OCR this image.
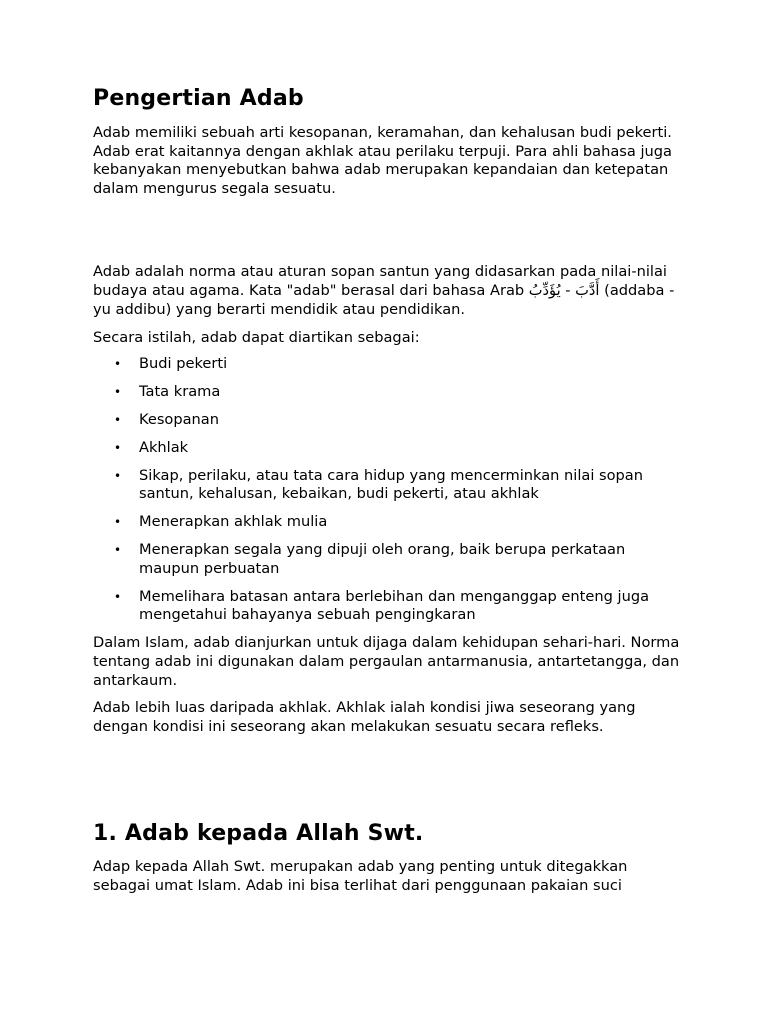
Pengertian Adab

Adab memiliki sebuah arti kesopanan, keramahan, dan kehalusan budi pekerti. Adab erat kaitannya dengan akhlak atau perilaku terpuji. Para ahli bahasa juga kebanyakan menyebutkan bahwa adab merupakan kepandaian dan ketepatan dalam mengurus segala sesuatu.

Adab adalah norma atau aturan sopan santun yang didasarkan pada nilai-nilai budaya atau agama. Kata "adab" berasal dari bahasa Arab أَدَّبَ - يُؤَدِّبُ (addaba - yu addibu) yang berarti mendidik atau pendidikan.

Secara istilah, adab dapat diartikan sebagai:

• Budi pekerti
• Tata krama
• Kesopanan
• Akhlak
• Sikap, perilaku, atau tata cara hidup yang mencerminkan nilai sopan santun, kehalusan, kebaikan, budi pekerti, atau akhlak
• Menerapkan akhlak mulia
• Menerapkan segala yang dipuji oleh orang, baik berupa perkataan maupun perbuatan
• Memelihara batasan antara berlebihan dan menganggap enteng juga mengetahui bahayanya sebuah pengingkaran

Dalam Islam, adab dianjurkan untuk dijaga dalam kehidupan sehari-hari. Norma tentang adab ini digunakan dalam pergaulan antarmanusia, antartetangga, dan antarkaum.

Adab lebih luas daripada akhlak. Akhlak ialah kondisi jiwa seseorang yang dengan kondisi ini seseorang akan melakukan sesuatu secara refleks.

1. Adab kepada Allah Swt.

Adap kepada Allah Swt. merupakan adab yang penting untuk ditegakkan sebagai umat Islam. Adab ini bisa terlihat dari penggunaan pakaian suci
